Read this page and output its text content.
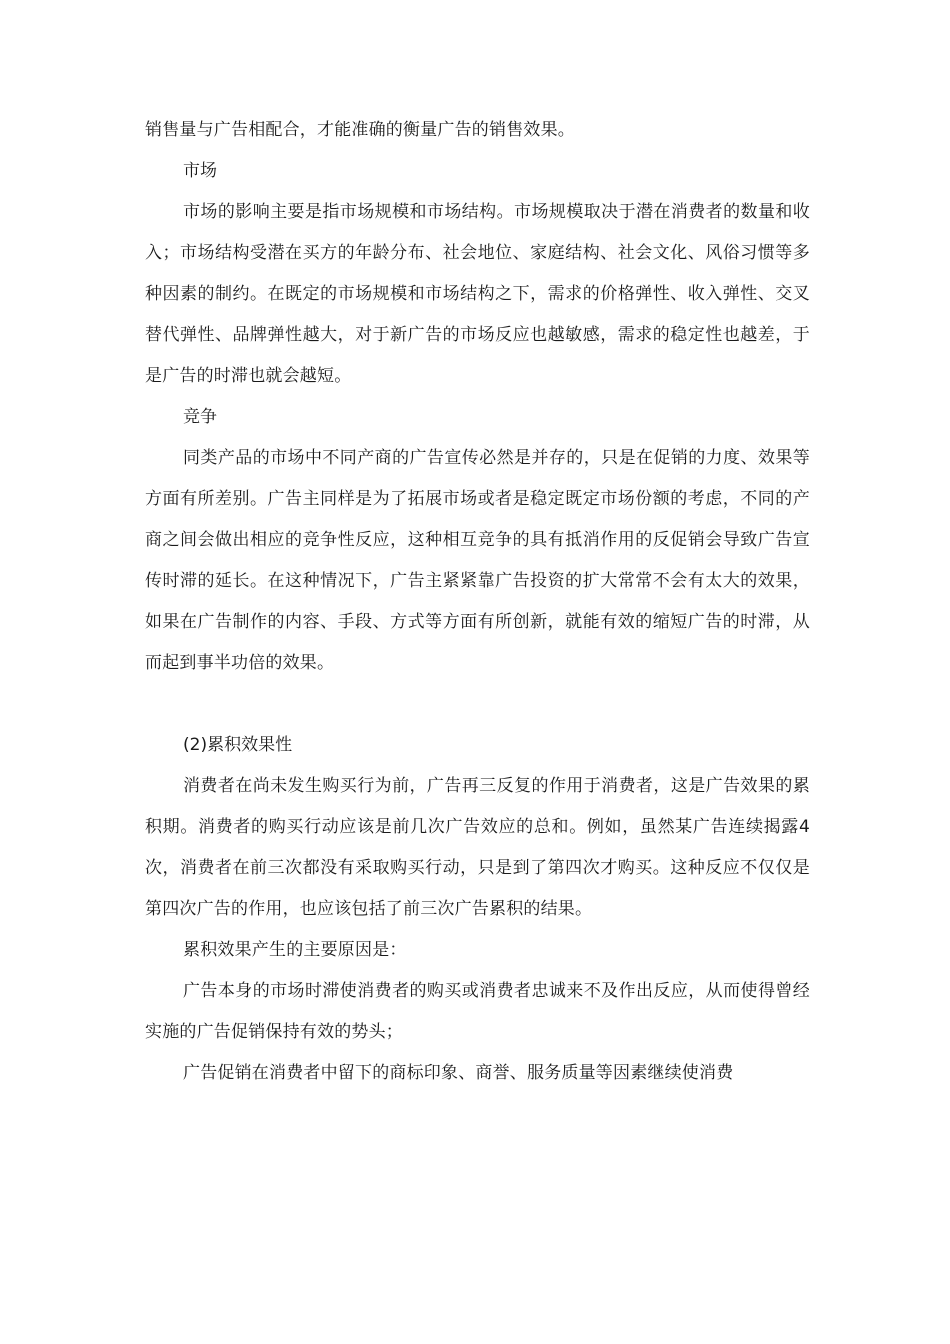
销售量与广告相配合，才能准确的衡量广告的销售效果。

市场

市场的影响主要是指市场规模和市场结构。市场规模取决于潜在消费者的数量和收入；市场结构受潜在买方的年龄分布、社会地位、家庭结构、社会文化、风俗习惯等多种因素的制约。在既定的市场规模和市场结构之下，需求的价格弹性、收入弹性、交叉替代弹性、品牌弹性越大，对于新广告的市场反应也越敏感，需求的稳定性也越差，于是广告的时滞也就会越短。

竞争

同类产品的市场中不同产商的广告宣传必然是并存的，只是在促销的力度、效果等方面有所差别。广告主同样是为了拓展市场或者是稳定既定市场份额的考虑，不同的产商之间会做出相应的竞争性反应，这种相互竞争的具有抵消作用的反促销会导致广告宣传时滞的延长。在这种情况下，广告主紧紧靠广告投资的扩大常常不会有太大的效果，如果在广告制作的内容、手段、方式等方面有所创新，就能有效的缩短广告的时滞，从而起到事半功倍的效果。

(2)累积效果性

消费者在尚未发生购买行为前，广告再三反复的作用于消费者，这是广告效果的累积期。消费者的购买行动应该是前几次广告效应的总和。例如，虽然某广告连续揭露4次，消费者在前三次都没有采取购买行动，只是到了第四次才购买。这种反应不仅仅是第四次广告的作用，也应该包括了前三次广告累积的结果。

累积效果产生的主要原因是：

广告本身的市场时滞使消费者的购买或消费者忠诚来不及作出反应，从而使得曾经实施的广告促销保持有效的势头；

广告促销在消费者中留下的商标印象、商誉、服务质量等因素继续使消费
